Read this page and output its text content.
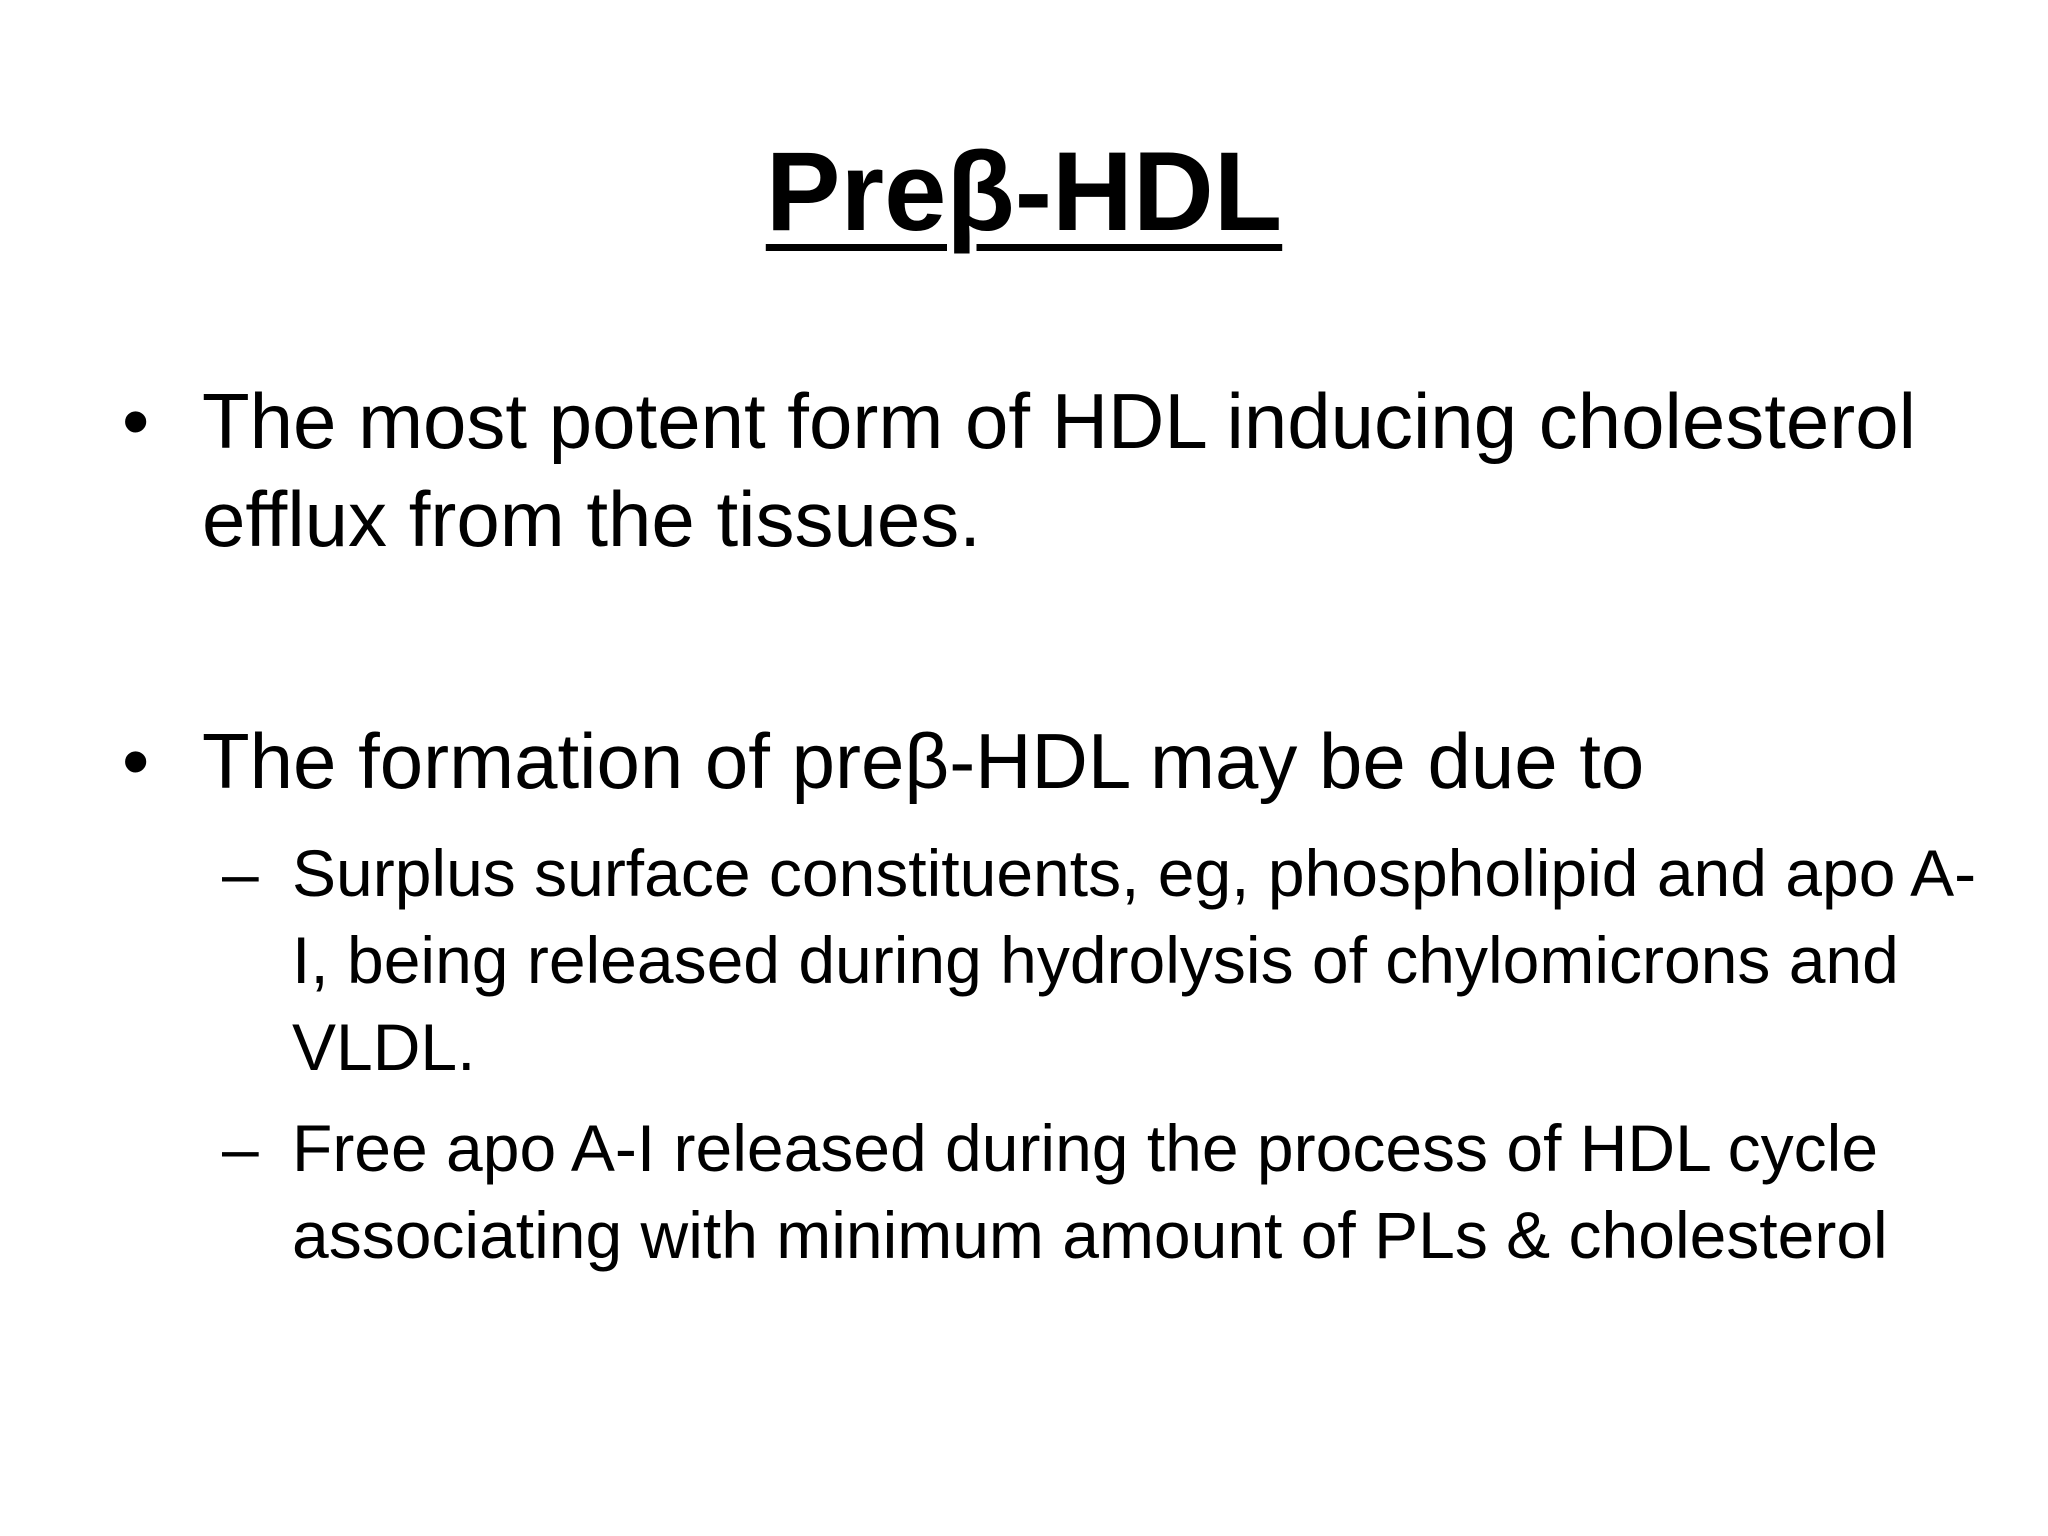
Preβ-HDL
• The most potent form of HDL inducing cholesterol efflux from the tissues.
• The formation of preβ-HDL may be due to
– Surplus surface constituents, eg, phospholipid and apo A-I, being released during hydrolysis of chylomicrons and VLDL.
– Free apo A-I released during the process of HDL cycle associating with minimum amount of PLs & cholesterol
